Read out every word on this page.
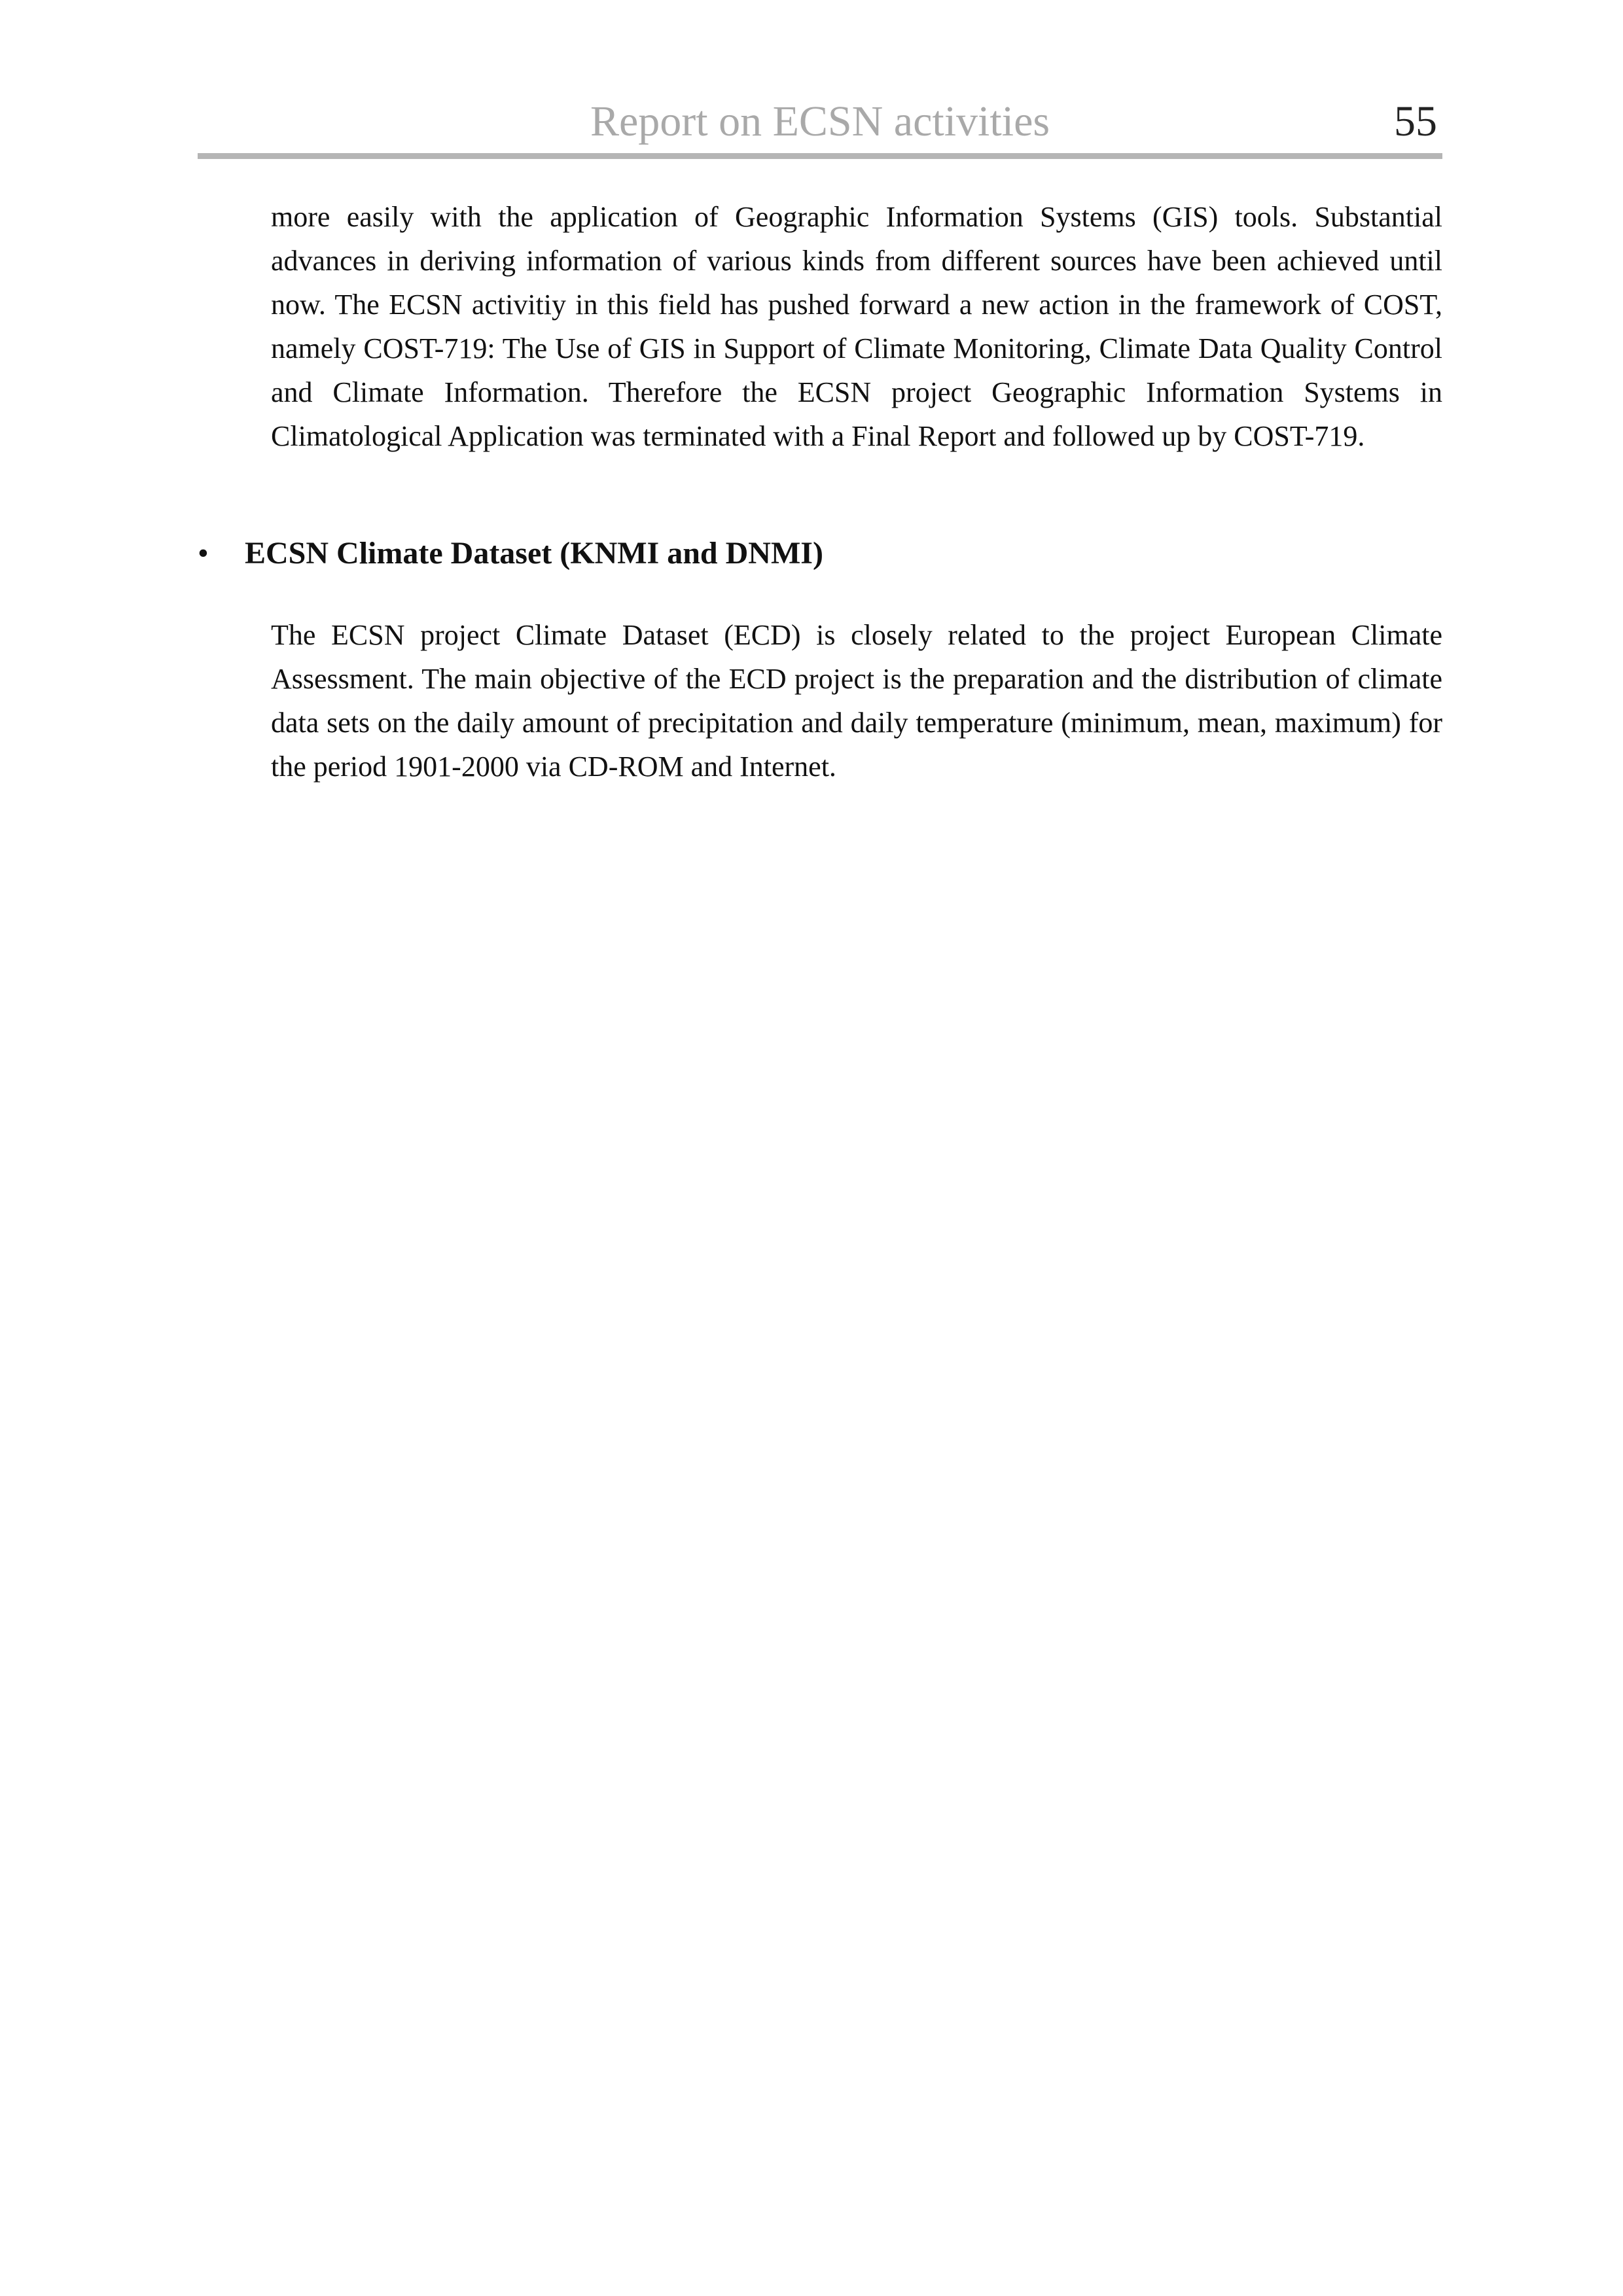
Report on ECSN activities	55

more easily with the application of Geographic Information Systems (GIS) tools. Substantial advances in deriving information of various kinds from different sources have been achieved until now. The ECSN activitiy in this field has pushed forward a new action in the framework of COST, namely COST-719: The Use of GIS in Support of Climate Monitoring, Climate Data Quality Control and Climate Information. Therefore the ECSN project Geographic Information Systems in Climatological Application was terminated with a Final Report and followed up by COST-719.

• ECSN Climate Dataset (KNMI and DNMI)

The ECSN project Climate Dataset (ECD) is closely related to the project European Climate Assessment. The main objective of the ECD project is the preparation and the distribution of climate data sets on the daily amount of precipitation and daily temperature (minimum, mean, maximum) for the period 1901-2000 via CD-ROM and Internet.
